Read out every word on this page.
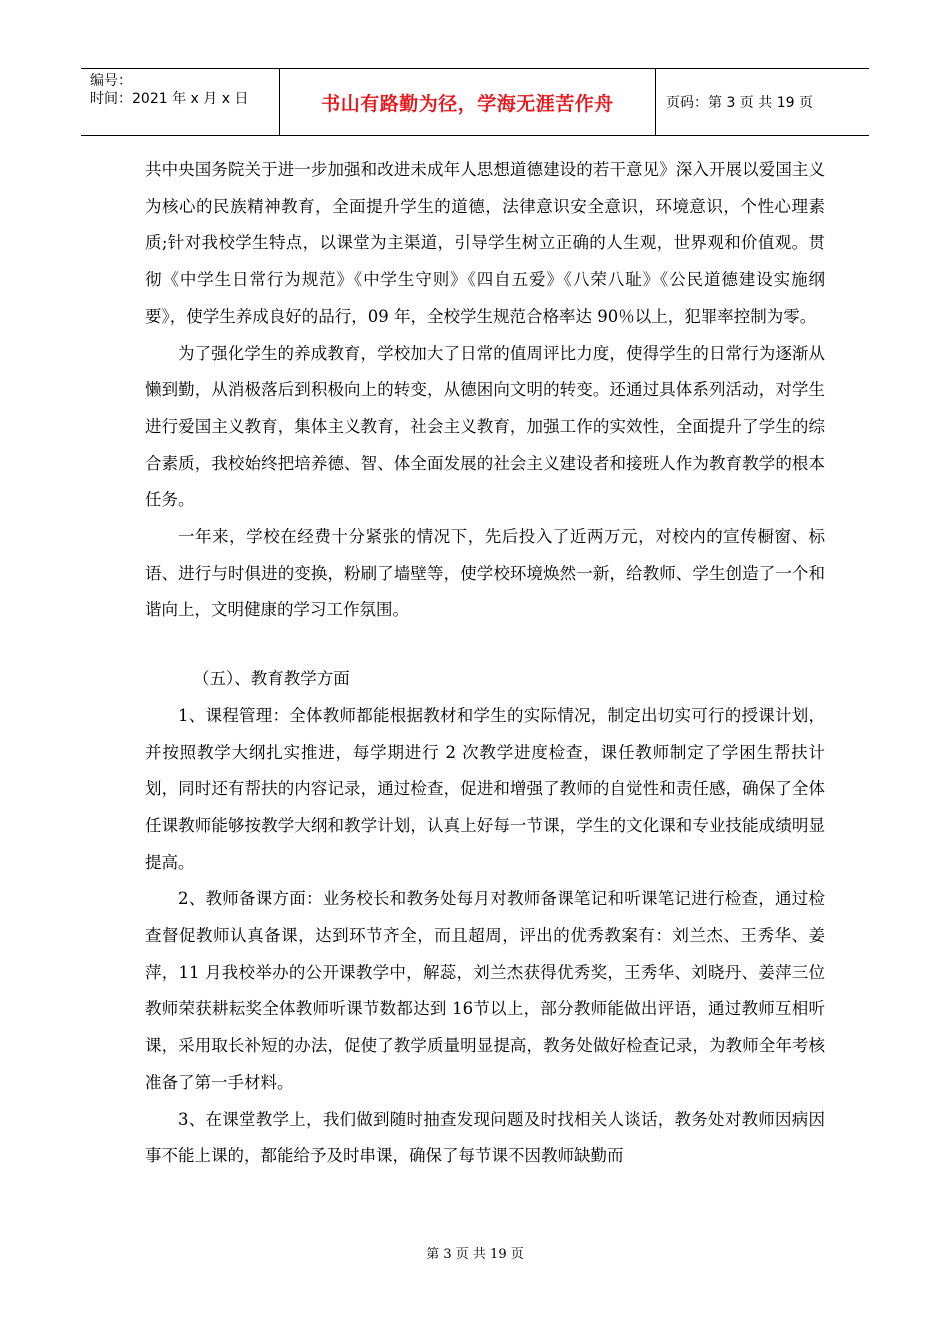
编号：
时间：2021 年 x 月 x 日	书山有路勤为径，学海无涯苦作舟	页码：第 3 页 共 19 页

共中央国务院关于进一步加强和改进未成年人思想道德建设的若干意见》深入开展以爱国主义为核心的民族精神教育，全面提升学生的道德，法律意识安全意识，环境意识，个性心理素质;针对我校学生特点，以课堂为主渠道，引导学生树立正确的人生观，世界观和价值观。贯彻《中学生日常行为规范》《中学生守则》《四自五爱》《八荣八耻》《公民道德建设实施纲要》，使学生养成良好的品行，09 年，全校学生规范合格率达 90％以上，犯罪率控制为零。

为了强化学生的养成教育，学校加大了日常的值周评比力度，使得学生的日常行为逐渐从懒到勤，从消极落后到积极向上的转变，从德困向文明的转变。还通过具体系列活动，对学生进行爱国主义教育，集体主义教育，社会主义教育，加强工作的实效性，全面提升了学生的综合素质，我校始终把培养德、智、体全面发展的社会主义建设者和接班人作为教育教学的根本任务。

一年来，学校在经费十分紧张的情况下，先后投入了近两万元，对校内的宣传橱窗、标语、进行与时俱进的变换，粉刷了墙壁等，使学校环境焕然一新，给教师、学生创造了一个和谐向上，文明健康的学习工作氛围。

（五）、教育教学方面

1、课程管理：全体教师都能根据教材和学生的实际情况，制定出切实可行的授课计划，并按照教学大纲扎实推进，每学期进行 2 次教学进度检查，课任教师制定了学困生帮扶计划，同时还有帮扶的内容记录，通过检查，促进和增强了教师的自觉性和责任感，确保了全体任课教师能够按教学大纲和教学计划，认真上好每一节课，学生的文化课和专业技能成绩明显提高。

2、教师备课方面：业务校长和教务处每月对教师备课笔记和听课笔记进行检查，通过检查督促教师认真备课，达到环节齐全，而且超周，评出的优秀教案有：刘兰杰、王秀华、姜萍，11 月我校举办的公开课教学中，解蕊，刘兰杰获得优秀奖，王秀华、刘晓丹、姜萍三位教师荣获耕耘奖全体教师听课节数都达到 16节以上，部分教师能做出评语，通过教师互相听课，采用取长补短的办法，促使了教学质量明显提高，教务处做好检查记录，为教师全年考核准备了第一手材料。

3、在课堂教学上，我们做到随时抽查发现问题及时找相关人谈话，教务处对教师因病因事不能上课的，都能给予及时串课，确保了每节课不因教师缺勤而

第 3 页 共 19 页
